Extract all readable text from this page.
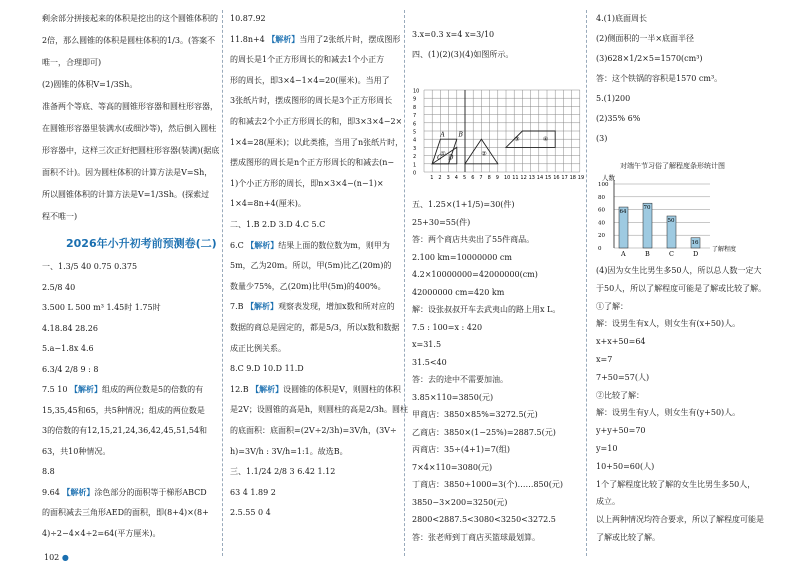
剩余部分拼接起来的体积是挖出的这个圆锥体积的

2倍，那么圆锥的体积是圆柱体积的1/3。(答案不

唯一，合理即可)

(2)圆锥的体积V=1/3Sh。

准备两个等底、等高的圆锥形容器和圆柱形容器，

在圆锥形容器里装满水(或细沙等)，然后倒入圆柱

形容器中，这样三次正好把圆柱形容器(装满)(据底

面积不计)。因为圆柱体积的计算方法是V=Sh，

所以圆锥体积的计算方法是V=1/3Sh。(探索过

程不唯一)

2026年小升初考前预测卷(二)

一、1.3/5 40 0.75 0.375

2.5/8 40

3.500 L 500 m³ 1.45时 1.75时

4.18.84 28.26

5.a−1.8x 4.6

6.3/4 2/8 9 : 8

7.5 10 【解析】组成的两位数是5的倍数的有

15,35,45和65，共5种情况；组成的两位数是

3的倍数的有12,15,21,24,36,42,45,51,54和

63，共10种情况。

8.8

9.64 【解析】涂色部分的面积等于梯形ABCD

的面积减去三角形AED的面积，即(8+4)×(8+

4)÷2−4×4÷2=64(平方厘米)。

10.87.92

11.8n+4 【解析】当用了2张纸片时，摆成图形

的周长是1个正方形周长的和减去1个小正方

形的周长，即3×4−1×4=20(厘米)。当用了

3张纸片时，摆成图形的周长是3个正方形周长

的和减去2个小正方形周长的和，即3×3×4−2×

1×4=28(厘米)；以此类推，当用了n张纸片时，

摆成图形的周长是n个正方形周长的和减去(n−

1)个小正方形的周长，即n×3×4−(n−1)×

1×4=8n+4(厘米)。

二、1.B 2.D 3.D 4.C 5.C

6.C 【解析】结果上面的数位数为m，则甲为

5m，乙为20m。所以，甲(5m)比乙(20m)的

数量少75%，乙(20m)比甲(5m)的400%。

7.B 【解析】观察表发现，增加x数和所对应的

数据的商总是固定的，都是5/3，所以x数和数据

成正比例关系。

8.C 9.D 10.D 11.D

12.B 【解析】设圆锥的体积是V，则圆柱的体积

是2V；设圆锥的高是h，则圆柱的高是2/3h。圆柱

的底面积：底面积=(2V÷2/3h)=3V/h，(3V÷

h)=3V/h : 3V/h=1:1。故选B。

三、1.1/24 2/8 3 6.42 1.12

63 4 1.89 2

2.5.55 0 4

3.x=0.3 x=4 x=3/10

四、(1)(2)(3)(4)如图所示。

10
9
8
7
6
5
4
3
2
1
0
1 2 3 4 5 6 7 8 9 10 11 12 13 14 15 16 17 18 19
A B
C D
①	②
③	④

五、1.25×(1+1/5)=30(件)

25+30=55(件)

答：两个商店共卖出了55件商品。

2.100 km=10000000 cm

4.2×10000000=42000000(cm)

42000000 cm=420 km

解：设张叔叔开车去武夷山的路上用x L。

7.5 : 100=x : 420

x=31.5

31.5<40

答：去的途中不需要加油。

3.85×110=3850(元)

甲商店：3850×85%=3272.5(元)

乙商店：3850×(1−25%)=2887.5(元)

丙商店：35÷(4+1)=7(组)

7×4×110=3080(元)

丁商店：3850÷1000=3(个)……850(元)

3850−3×200=3250(元)

2800<2887.5<3080<3250<3272.5

答：张老师到丁商店买篮球最划算。

4.(1)底面周长

(2)侧面积的一半×底面半径

(3)628×1/2×5=1570(cm³)

答：这个铁锅的容积是1570 cm³。

5.(1)200

(2)35% 6%

(3)

对端午节习俗了解程度条形统计图

人数
0
20
40
60
80
100
64
A
70
B
50
C
16
D
了解程度

(4)因为女生比男生多50人，所以总人数一定大

于50人，所以了解程度可能是了解或比较了解。

①了解：

解：设男生有x人，则女生有(x+50)人。

x+x+50=64

x=7

7+50=57(人)

②比较了解：

解：设男生有y人，则女生有(y+50)人。

y+y+50=70

y=10

10+50=60(人)

1个了解程度比较了解的女生比男生多50人，

成立。

以上两种情况均符合要求，所以了解程度可能是

了解或比较了解。

102 ●
